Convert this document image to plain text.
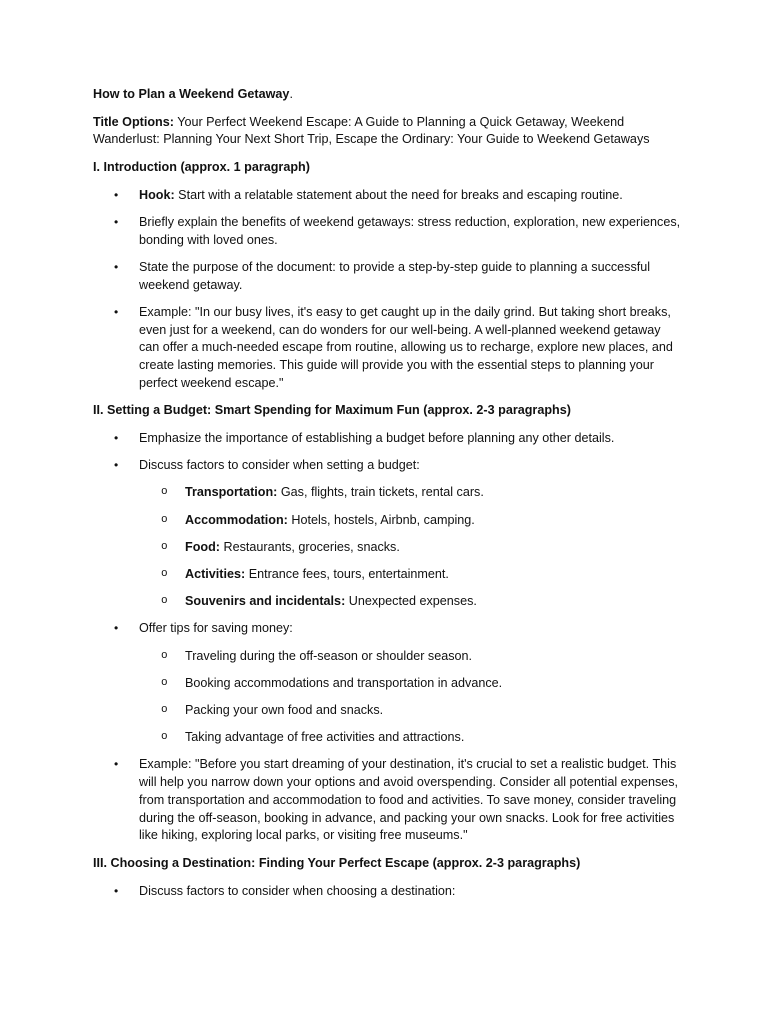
How to Plan a Weekend Getaway.

Title Options: Your Perfect Weekend Escape: A Guide to Planning a Quick Getaway, Weekend Wanderlust: Planning Your Next Short Trip, Escape the Ordinary: Your Guide to Weekend Getaways

I. Introduction (approx. 1 paragraph)

• Hook: Start with a relatable statement about the need for breaks and escaping routine.
• Briefly explain the benefits of weekend getaways: stress reduction, exploration, new experiences, bonding with loved ones.
• State the purpose of the document: to provide a step-by-step guide to planning a successful weekend getaway.
• Example: "In our busy lives, it's easy to get caught up in the daily grind. But taking short breaks, even just for a weekend, can do wonders for our well-being. A well-planned weekend getaway can offer a much-needed escape from routine, allowing us to recharge, explore new places, and create lasting memories. This guide will provide you with the essential steps to planning your perfect weekend escape."

II. Setting a Budget: Smart Spending for Maximum Fun (approx. 2-3 paragraphs)

• Emphasize the importance of establishing a budget before planning any other details.
• Discuss factors to consider when setting a budget:
o Transportation: Gas, flights, train tickets, rental cars.
o Accommodation: Hotels, hostels, Airbnb, camping.
o Food: Restaurants, groceries, snacks.
o Activities: Entrance fees, tours, entertainment.
o Souvenirs and incidentals: Unexpected expenses.
• Offer tips for saving money:
o Traveling during the off-season or shoulder season.
o Booking accommodations and transportation in advance.
o Packing your own food and snacks.
o Taking advantage of free activities and attractions.
• Example: "Before you start dreaming of your destination, it's crucial to set a realistic budget. This will help you narrow down your options and avoid overspending. Consider all potential expenses, from transportation and accommodation to food and activities. To save money, consider traveling during the off-season, booking in advance, and packing your own snacks. Look for free activities like hiking, exploring local parks, or visiting free museums."

III. Choosing a Destination: Finding Your Perfect Escape (approx. 2-3 paragraphs)

• Discuss factors to consider when choosing a destination:
